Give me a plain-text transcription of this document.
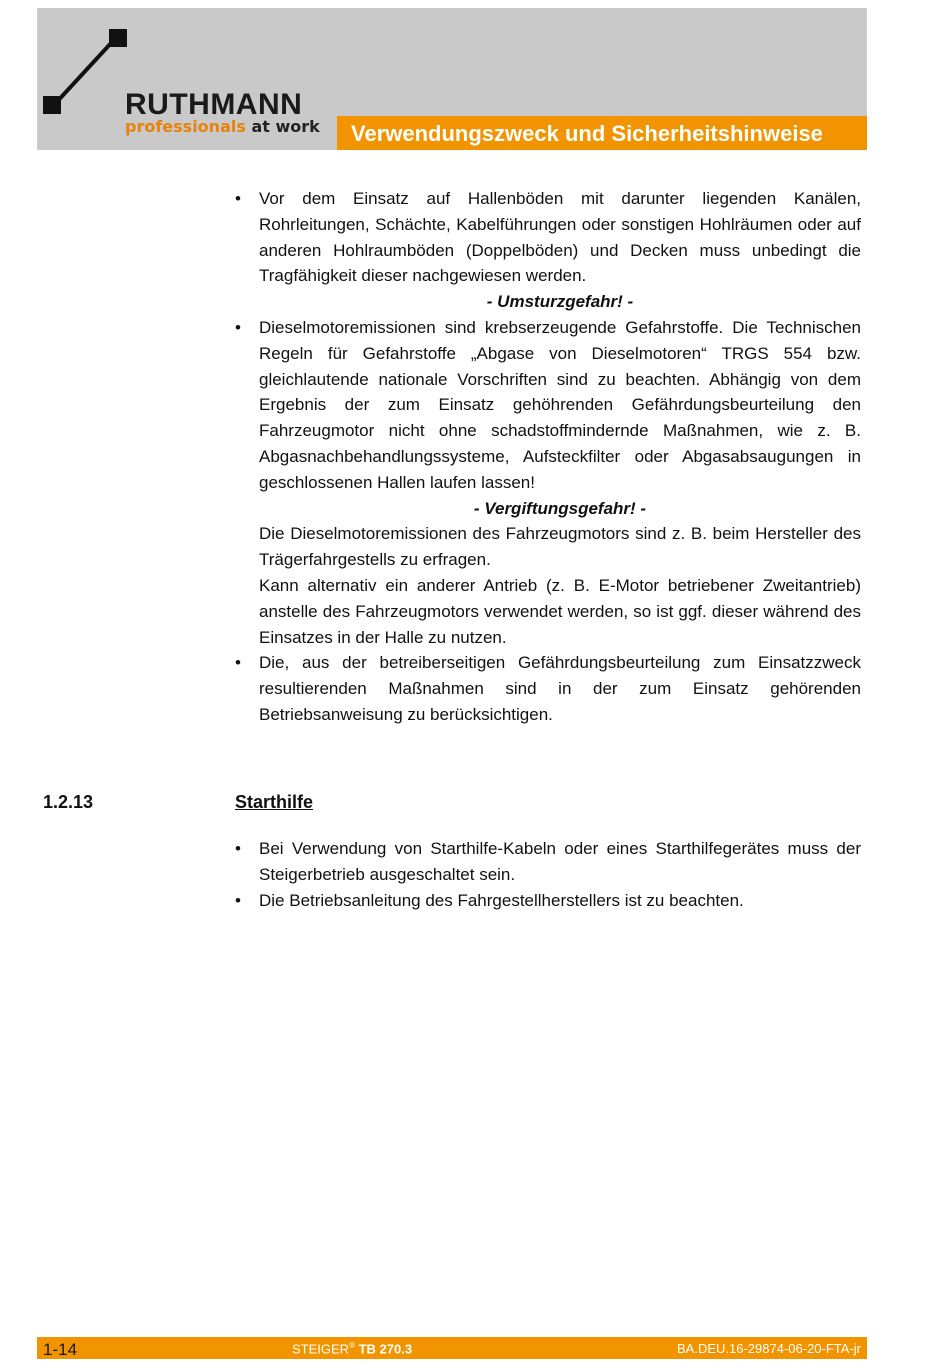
RUTHMANN
professionals at work Verwendungszweck und Sicherheitshinweise
• Vor dem Einsatz auf Hallenböden mit darunter liegenden Kanälen, Rohrleitungen, Schächte, Kabelführungen oder sonstigen Hohlräumen oder auf anderen Hohlraumböden (Doppelböden) und Decken muss unbedingt die Tragfähigkeit dieser nachgewiesen werden.
- Umsturzgefahr! -
• Dieselmotoremissionen sind krebserzeugende Gefahrstoffe. Die Technischen Regeln für Gefahrstoffe „Abgase von Dieselmotoren“ TRGS 554 bzw. gleichlautende nationale Vorschriften sind zu beachten. Abhängig von dem Ergebnis der zum Einsatz gehöhrenden Gefährdungsbeurteilung den Fahrzeugmotor nicht ohne schadstoffmindernde Maßnahmen, wie z. B. Abgasnachbehandlungssysteme, Aufsteckfilter oder Abgasabsaugungen in geschlossenen Hallen laufen lassen!
- Vergiftungsgefahr! -
Die Dieselmotoremissionen des Fahrzeugmotors sind z. B. beim Hersteller des Trägerfahrgestells zu erfragen.
Kann alternativ ein anderer Antrieb (z. B. E-Motor betriebener Zweitantrieb) anstelle des Fahrzeugmotors verwendet werden, so ist ggf. dieser während des Einsatzes in der Halle zu nutzen.
• Die, aus der betreiberseitigen Gefährdungsbeurteilung zum Einsatzzweck resultierenden Maßnahmen sind in der zum Einsatz gehörenden Betriebsanweisung zu berücksichtigen.
1.2.13	Starthilfe
• Bei Verwendung von Starthilfe-Kabeln oder eines Starthilfegerätes muss der Steigerbetrieb ausgeschaltet sein.
• Die Betriebsanleitung des Fahrgestellherstellers ist zu beachten.
1-14	STEIGER® TB 270.3	BA.DEU.16-29874-06-20-FTA-jr
